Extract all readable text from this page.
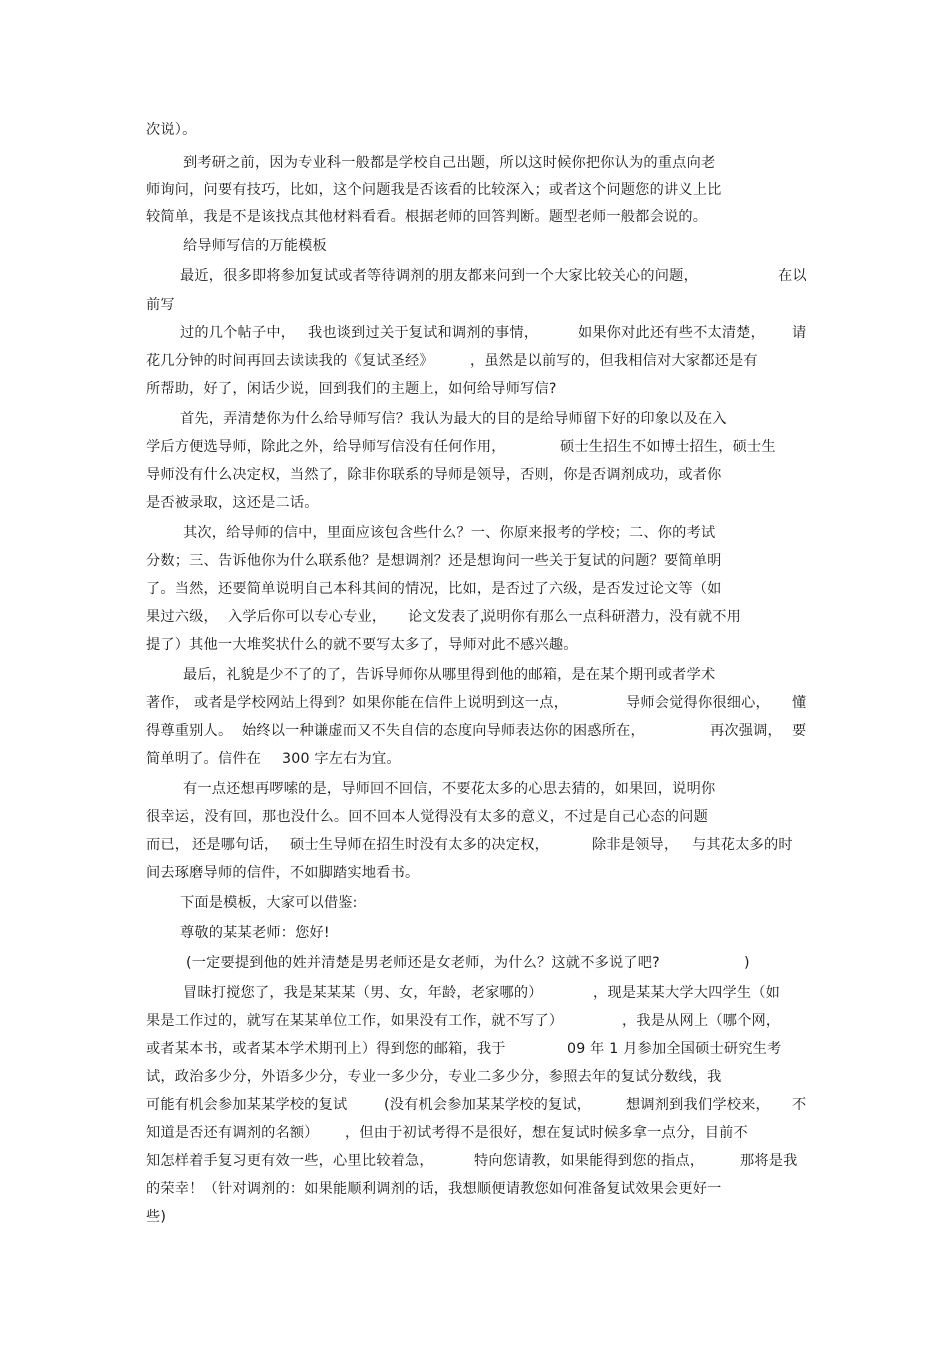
次说）。
到考研之前，因为专业科一般都是学校自己出题，所以这时候你把你认为的重点向老
师询问，问要有技巧，比如，这个问题我是否该看的比较深入；或者这个问题您的讲义上比
较简单，我是不是该找点其他材料看看。根据老师的回答判断。题型老师一般都会说的。
给导师写信的万能模板
最近，很多即将参加复试或者等待调剂的朋友都来问到一个大家比较关心的问题，	在以
前写
过的几个帖子中， 我也谈到过关于复试和调剂的事情，	如果你对此还有些不太清楚， 请
花几分钟的时间再回去读读我的《复试圣经》	，虽然是以前写的，但我相信对大家都还是有
所帮助，好了，闲话少说，回到我们的主题上，如何给导师写信?
首先，弄清楚你为什么给导师写信？我认为最大的目的是给导师留下好的印象以及在入
学后方便选导师，除此之外，给导师写信没有任何作用，	硕士生招生不如博士招生，硕士生
导师没有什么决定权，当然了，除非你联系的导师是领导，否则，你是否调剂成功，或者你
是否被录取，这还是二话。
其次，给导师的信中，里面应该包含些什么？一、你原来报考的学校；二、你的考试
分数；三、告诉他你为什么联系他？是想调剂？还是想询问一些关于复试的问题？要简单明
了。当然，还要简单说明自己本科其间的情况，比如，是否过了六级，是否发过论文等（如
果过六级， 入学后你可以专心专业， 论文发表了，
说明你有那么一点科研潜力，没有就不用
提了）其他一大堆奖状什么的就不要写太多了，导师对此不感兴趣。
最后，礼貌是少不了的了，告诉导师你从哪里得到他的邮箱，是在某个期刊或者学术
著作， 或者是学校网站上得到？如果你能在信件上说明到这一点，	导师会觉得你很细心， 懂
得尊重别人。 始终以一种谦虚而又不失自信的态度向导师表达你的困惑所在，	再次强调， 要
简单明了。信件在 300 字左右为宜。
有一点还想再啰嗦的是，导师回不回信，不要花太多的心思去猜的，如果回，说明你
很幸运 ，没有回，那也没什么。回不回本人觉得没有太多的意义，不过是自己心态的问题
而已， 还是哪句话， 硕士生导师在招生时没有太多的决定权，	除非是领导， 与其花太多的时
间去琢磨导师的信件，不如脚踏实地看书。
下面是模板，大家可以借鉴:
尊敬的某某老师：您好!
(一定要提到他的姓并清楚是男老师还是女老师，为什么？这就不多说了吧?	)
冒昧打搅您了，我是某某某（男、女，年龄，老家哪的）	，现是某某大学大四学生（如
果是工作过的，就写在某某单位工作，如果没有工作，就不写了）	，我是从网上（哪个网，
或者某本书，或者某本学术期刊上）得到您的邮箱，我于	09 年 1 月参加全国硕士研究生考
试，政治多少分，外语多少分，专业一多少分，专业二多少分，参照去年的复试分数线，我
可能有机会参加某某学校的复试	(没有机会参加某某学校的复试， 想调剂到我们学校来， 不
知道是否还有调剂的名额） ，但由于初试考得不是很好，想在复试时候多拿一点分，目前不
知怎样着手复习更有效一些，心里比较着急，	特向您请教，如果能得到您的指点，	那将是我
的荣幸！（针对调剂的：如果能顺利调剂的话，我想顺便请教您如何准备复试效果会更好一
些)
